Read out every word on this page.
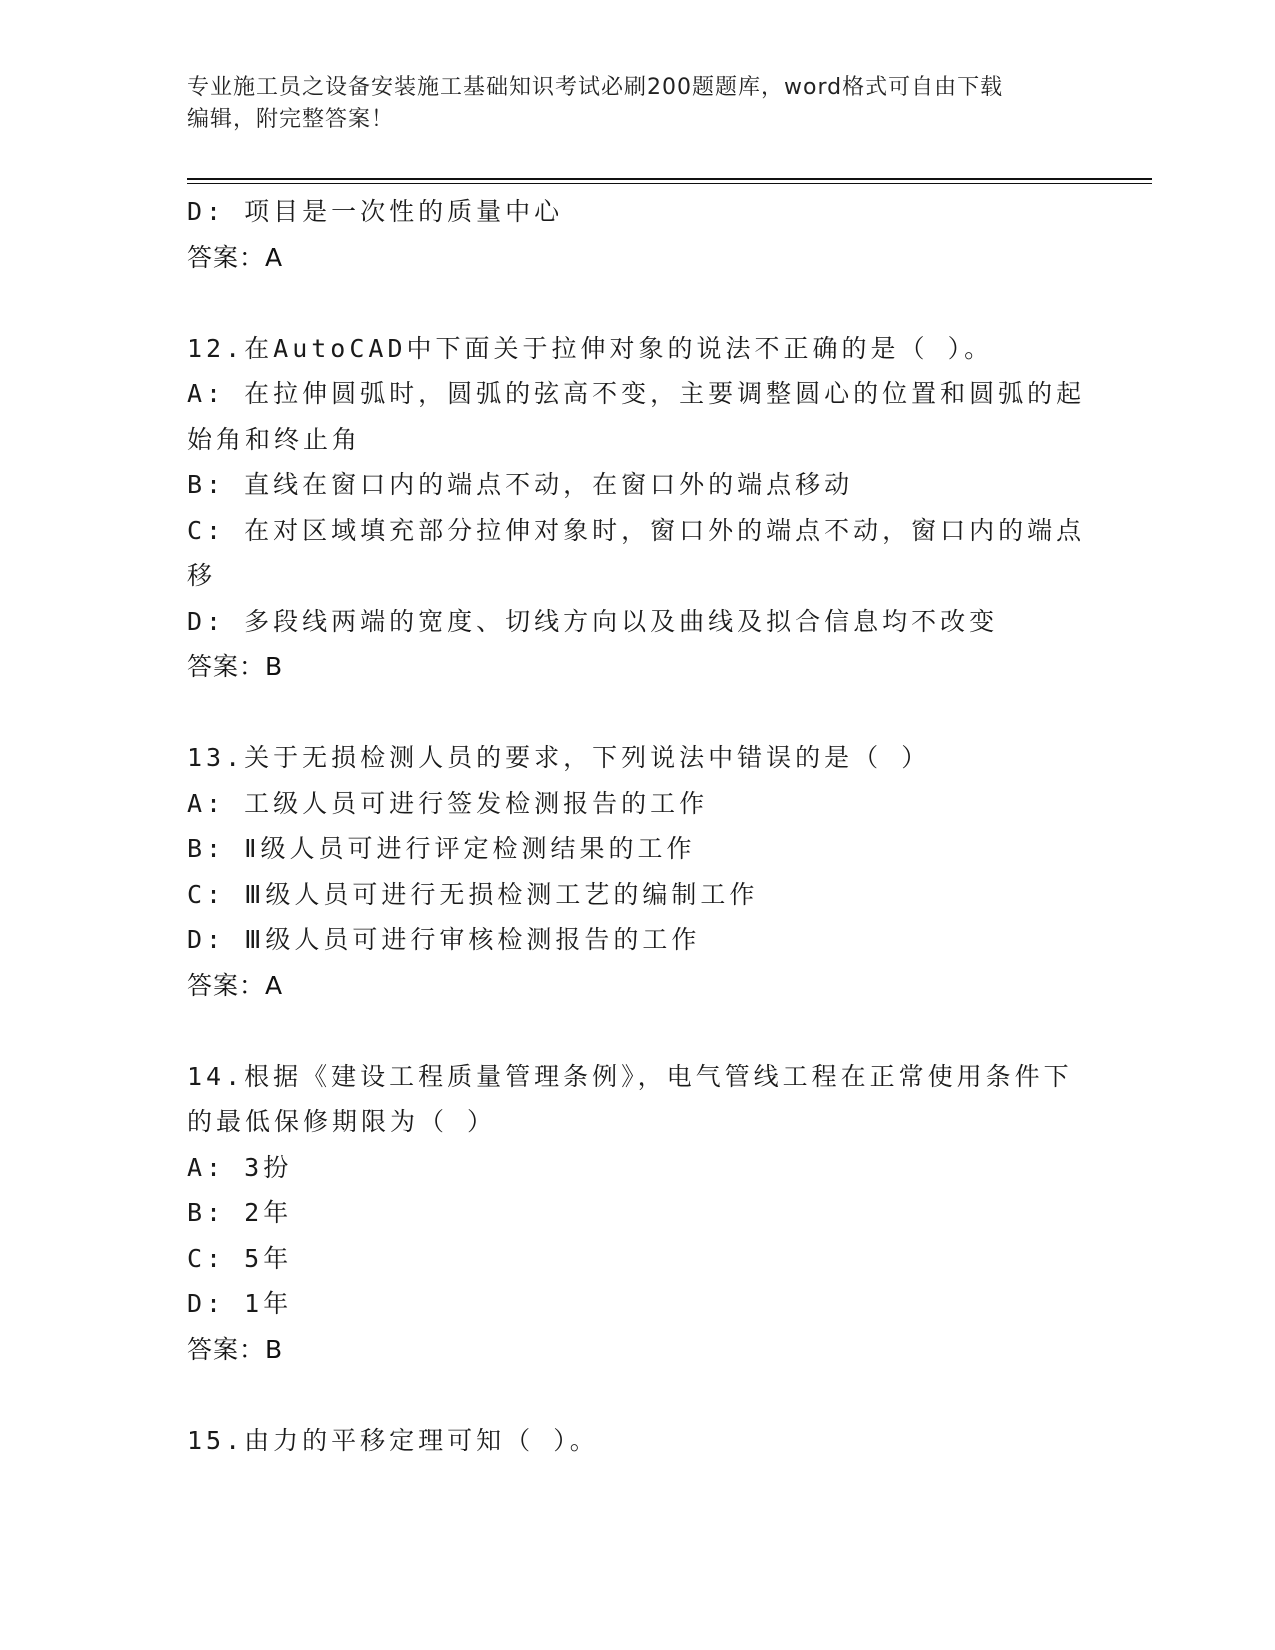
专业施工员之设备安装施工基础知识考试必刷200题题库，word格式可自由下载
编辑，附完整答案！
D: 项目是一次性的质量中心
答案：A
12.在AutoCAD中下面关于拉伸对象的说法不正确的是（ ）。
A: 在拉伸圆弧时，圆弧的弦高不变，主要调整圆心的位置和圆弧的起
始角和终止角
B: 直线在窗口内的端点不动，在窗口外的端点移动
C: 在对区域填充部分拉伸对象时，窗口外的端点不动，窗口内的端点
移
D: 多段线两端的宽度、切线方向以及曲线及拟合信息均不改变
答案：B
13.关于无损检测人员的要求，下列说法中错误的是（ ）
A: 工级人员可进行签发检测报告的工作
B: Ⅱ级人员可进行评定检测结果的工作
C: Ⅲ级人员可进行无损检测工艺的编制工作
D: Ⅲ级人员可进行审核检测报告的工作
答案：A
14.根据《建设工程质量管理条例》，电气管线工程在正常使用条件下
的最低保修期限为（ ）
A: 3扮
B: 2年
C: 5年
D: 1年
答案：B
15.由力的平移定理可知（ ）。
